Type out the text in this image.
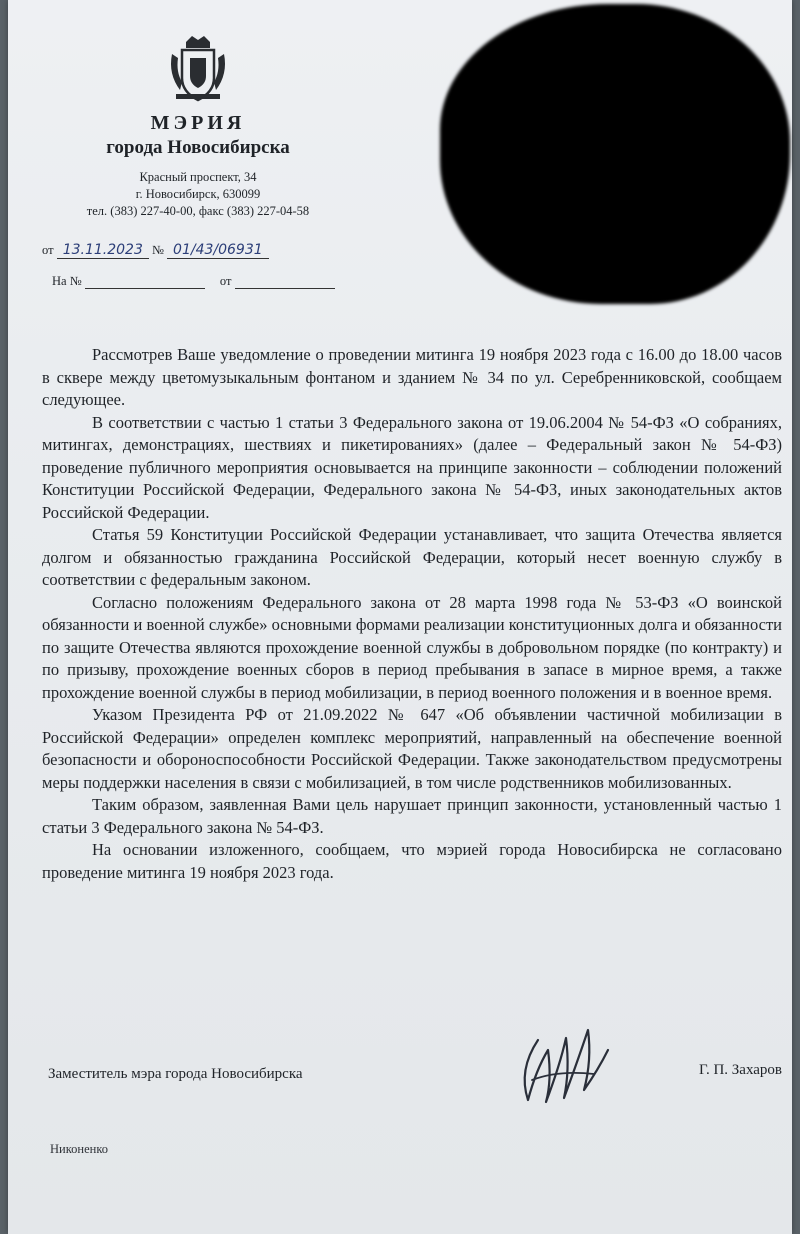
МЭРИЯ
города Новосибирска
Красный проспект, 34
г. Новосибирск, 630099
тел. (383) 227-40-00, факс (383) 227-04-58
от 13.11.2023 № 01/43/06931
На №	от

Рассмотрев Ваше уведомление о проведении митинга 19 ноября 2023 года с 16.00 до 18.00 часов в сквере между цветомузыкальным фонтаном и зданием № 34 по ул. Серебренниковской, сообщаем следующее.

В соответствии с частью 1 статьи 3 Федерального закона от 19.06.2004 № 54-ФЗ «О собраниях, митингах, демонстрациях, шествиях и пикетированиях» (далее – Федеральный закон № 54-ФЗ) проведение публичного мероприятия основывается на принципе законности – соблюдении положений Конституции Российской Федерации, Федерального закона № 54-ФЗ, иных законодательных актов Российской Федерации.

Статья 59 Конституции Российской Федерации устанавливает, что защита Отечества является долгом и обязанностью гражданина Российской Федерации, который несет военную службу в соответствии с федеральным законом.

Согласно положениям Федерального закона от 28 марта 1998 года № 53-ФЗ «О воинской обязанности и военной службе» основными формами реализации конституционных долга и обязанности по защите Отечества являются прохождение военной службы в добровольном порядке (по контракту) и по призыву, прохождение военных сборов в период пребывания в запасе в мирное время, а также прохождение военной службы в период мобилизации, в период военного положения и в военное время.

Указом Президента РФ от 21.09.2022 № 647 «Об объявлении частичной мобилизации в Российской Федерации» определен комплекс мероприятий, направленный на обеспечение военной безопасности и обороноспособности Российской Федерации. Также законодательством предусмотрены меры поддержки населения в связи с мобилизацией, в том числе родственников мобилизованных.

Таким образом, заявленная Вами цель нарушает принцип законности, установленный частью 1 статьи 3 Федерального закона № 54-ФЗ.

На основании изложенного, сообщаем, что мэрией города Новосибирска не согласовано проведение митинга 19 ноября 2023 года.

Заместитель мэра города Новосибирска	Г. П. Захаров
Никоненко
